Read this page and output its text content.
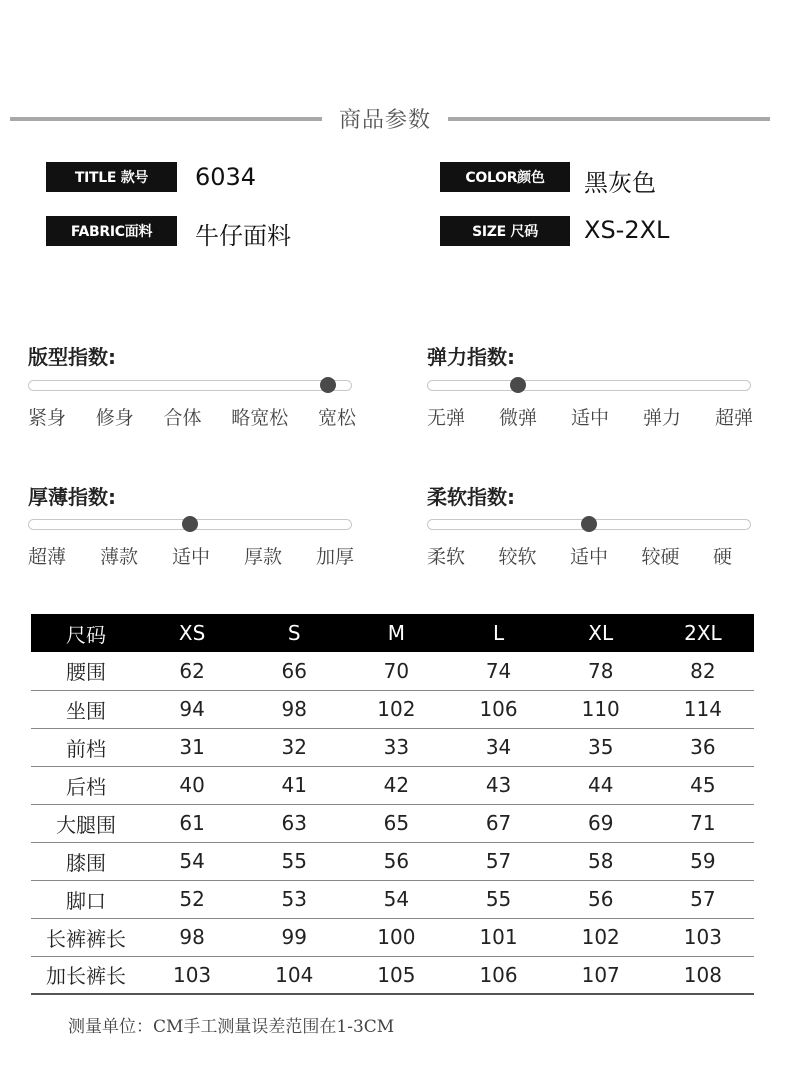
商品参数
TITLE 款号	6034	COLOR颜色	黑灰色
FABRIC面料	牛仔面料	SIZE 尺码	XS-2XL
版型指数:
紧身 修身 合体 略宽松 宽松
弹力指数:
无弹 微弹 适中 弹力 超弹
厚薄指数:
超薄 薄款 适中 厚款 加厚
柔软指数:
柔软 较软 适中 较硬 硬
尺码	XS	S	M	L	XL	2XL
腰围	62	66	70	74	78	82
坐围	94	98	102	106	110	114
前档	31	32	33	34	35	36
后档	40	41	42	43	44	45
大腿围	61	63	65	67	69	71
膝围	54	55	56	57	58	59
脚口	52	53	54	55	56	57
长裤裤长	98	99	100	101	102	103
加长裤长	103	104	105	106	107	108
测量单位：CM手工测量误差范围在1-3CM
